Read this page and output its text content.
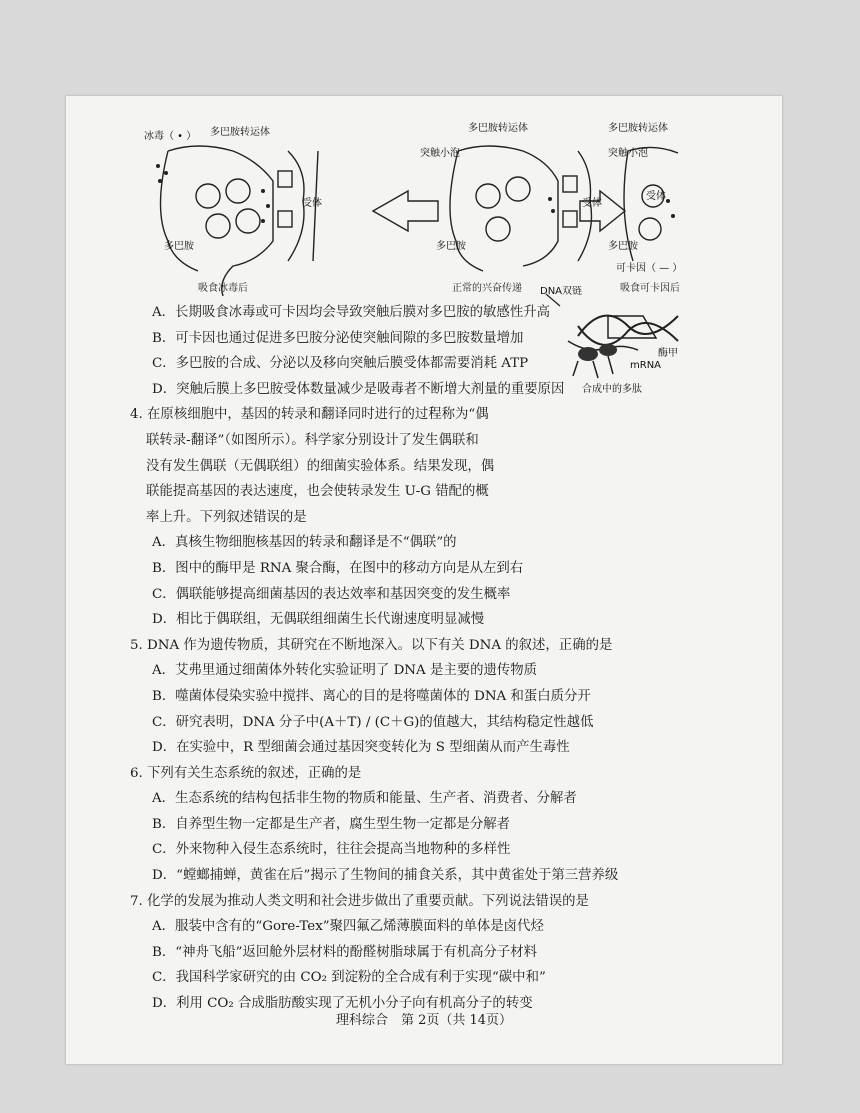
冰毒（ • ） 多巴胺转运体
受体
多巴胺
多巴胺转运体
突触小泡
受体
多巴胺
多巴胺转运体
突触小泡
受体
多巴胺
可卡因（ — ）
吸食冰毒后	正常的兴奋传递	吸食可卡因后
A．长期吸食冰毒或可卡因均会导致突触后膜对多巴胺的敏感性升高
B．可卡因也通过促进多巴胺分泌使突触间隙的多巴胺数量增加
C．多巴胺的合成、分泌以及移向突触后膜受体都需要消耗 ATP
D．突触后膜上多巴胺受体数量减少是吸毒者不断增大剂量的重要原因
4. 在原核细胞中，基因的转录和翻译同时进行的过程称为“偶
联转录-翻译”（如图所示）。科学家分别设计了发生偶联和
没有发生偶联（无偶联组）的细菌实验体系。结果发现，偶
联能提高基因的表达速度，也会使转录发生 U-G 错配的概
率上升。下列叙述错误的是
A．真核生物细胞核基因的转录和翻译是不“偶联”的
B．图中的酶甲是 RNA 聚合酶，在图中的移动方向是从左到右
C．偶联能够提高细菌基因的表达效率和基因突变的发生概率
D．相比于偶联组，无偶联组细菌生长代谢速度明显减慢
5. DNA 作为遗传物质，其研究在不断地深入。以下有关 DNA 的叙述，正确的是
A．艾弗里通过细菌体外转化实验证明了 DNA 是主要的遗传物质
B．噬菌体侵染实验中搅拌、离心的目的是将噬菌体的 DNA 和蛋白质分开
C．研究表明，DNA 分子中(A＋T) / (C＋G)的值越大，其结构稳定性越低
D．在实验中，R 型细菌会通过基因突变转化为 S 型细菌从而产生毒性
6. 下列有关生态系统的叙述，正确的是
A．生态系统的结构包括非生物的物质和能量、生产者、消费者、分解者
B．自养型生物一定都是生产者，腐生型生物一定都是分解者
C．外来物种入侵生态系统时，往往会提高当地物种的多样性
D．“螳螂捕蝉，黄雀在后”揭示了生物间的捕食关系，其中黄雀处于第三营养级
7. 化学的发展为推动人类文明和社会进步做出了重要贡献。下列说法错误的是
A．服装中含有的“Gore-Tex”聚四氟乙烯薄膜面料的单体是卤代烃
B．“神舟飞船”返回舱外层材料的酚醛树脂球属于有机高分子材料
C．我国科学家研究的由 CO₂ 到淀粉的全合成有利于实现“碳中和”
D．利用 CO₂ 合成脂肪酸实现了无机小分子向有机高分子的转变
DNA双链
酶甲
mRNA
合成中的多肽
理科综合　第 2页（共 14页）
